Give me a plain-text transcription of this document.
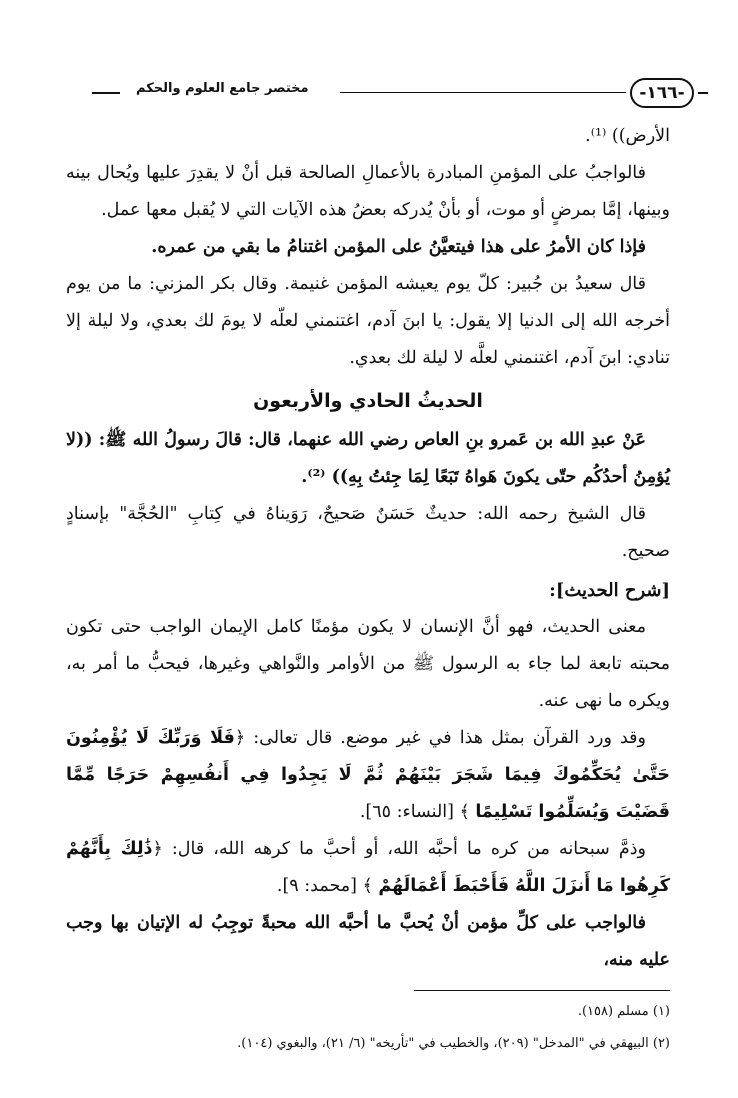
-١٦٦-
مختصر جامع العلوم والحكم

الأرض)) ⁽¹⁾.

فالواجبُ على المؤمنِ المبادرة بالأعمالِ الصالحة قبل أنْ لا يقدِرَ عليها ويُحال بينه وبينها، إمَّا بمرضٍ أو موت، أو بأنْ يُدركه بعضُ هذه الآيات التي لا يُقبل معها عمل.

فإذا كان الأمرُ على هذا فيتعيَّنُ على المؤمن اغتنامُ ما بقي من عمره.

قال سعيدُ بن جُبير: كلّ يوم يعيشه المؤمن غنيمة. وقال بكر المزني: ما من يوم أخرجه الله إلى الدنيا إلا يقول: يا ابنَ آدم، اغتنمني لعلّه لا يومَ لك بعدي، ولا ليلة إلا تنادي: ابنَ آدم، اغتنمني لعلَّه لا ليلة لك بعدي.

الحديثُ الحادي والأربعون

عَنْ عبدِ الله بن عَمرو بنِ العاص رضي الله عنهما، قال: قالَ رسولُ الله ﷺ: ((لا يُؤمِنُ أحدُكُم حتّى يكونَ هَواهُ تَبَعًا لِمَا جِئتُ بِهِ)) ⁽²⁾.

قال الشيخ رحمه الله: حديثٌ حَسَنٌ صَحيحٌ، رَوَيناهُ في كِتابِ "الحُجَّة" بإسنادٍ صحيح.

[شرح الحديث]:

معنى الحديث، فهو أنَّ الإنسان لا يكون مؤمنًا كامل الإيمان الواجب حتى تكون محبته تابعة لما جاء به الرسول ﷺ من الأوامر والنَّواهي وغيرها، فيحبُّ ما أمر به، ويكره ما نهى عنه.

وقد ورد القرآن بمثل هذا في غير موضع. قال تعالى: ﴿فَلَا وَرَبِّكَ لَا يُؤْمِنُونَ حَتَّىٰ يُحَكِّمُوكَ فِيمَا شَجَرَ بَيْنَهُمْ ثُمَّ لَا يَجِدُوا فِي أَنفُسِهِمْ حَرَجًا مِّمَّا قَضَيْتَ وَيُسَلِّمُوا تَسْلِيمًا ﴾ [النساء: ٦٥].

وذمَّ سبحانه من كره ما أحبَّه الله، أو أحبَّ ما كرهه الله، قال: ﴿ذَٰلِكَ بِأَنَّهُمْ كَرِهُوا مَا أَنزَلَ اللَّهُ فَأَحْبَطَ أَعْمَالَهُمْ ﴾ [محمد: ٩].

فالواجب على كلِّ مؤمن أنْ يُحبَّ ما أحبَّه الله محبةً توجِبُ له الإتيان بها وجب عليه منه،

(١) مسلم (١٥٨).

(٢) البيهقي في "المدخل" (٢٠٩)، والخطيب في "تأريخه" (٦/ ٢١)، والبغوي (١٠٤).
